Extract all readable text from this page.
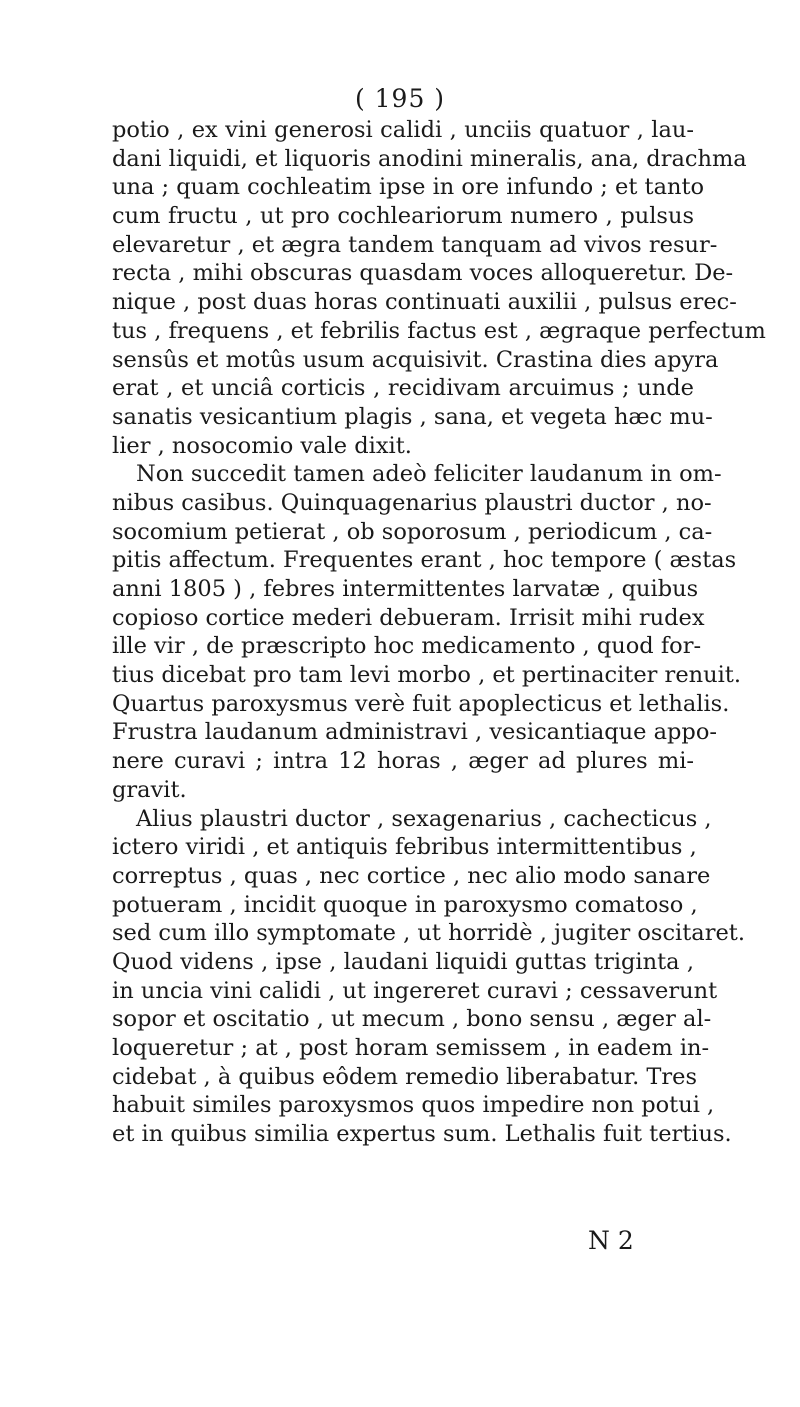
( 195 )
potio , ex vini generosi calidi , unciis quatuor , lau-
dani liquidi, et liquoris anodini mineralis, ana, drachma
una ; quam cochleatim ipse in ore infundo ; et tanto
cum fructu , ut pro cochleariorum numero , pulsus
elevaretur , et ægra tandem tanquam ad vivos resur-
recta , mihi obscuras quasdam voces alloqueretur. De-
nique , post duas horas continuati auxilii , pulsus erec-
tus , frequens , et febrilis factus est , ægraque perfectum
sensûs et motûs usum acquisivit. Crastina dies apyra
erat , et unciâ corticis , recidivam arcuimus ; unde
sanatis vesicantium plagis , sana, et vegeta hæc mu-
lier , nosocomio vale dixit.
Non succedit tamen adeò feliciter laudanum in om-
nibus casibus. Quinquagenarius plaustri ductor , no-
socomium petierat , ob soporosum , periodicum , ca-
pitis affectum. Frequentes erant , hoc tempore ( æstas
anni 1805 ) , febres intermittentes larvatæ , quibus
copioso cortice mederi debueram. Irrisit mihi rudex
ille vir , de præscripto hoc medicamento , quod for-
tius dicebat pro tam levi morbo , et pertinaciter renuit.
Quartus paroxysmus verè fuit apoplecticus et lethalis.
Frustra laudanum administravi , vesicantiaque appo-
nere curavi ; intra 12 horas , æger ad plures mi-
gravit.
Alius plaustri ductor , sexagenarius , cachecticus ,
ictero viridi , et antiquis febribus intermittentibus ,
correptus , quas , nec cortice , nec alio modo sanare
potueram , incidit quoque in paroxysmo comatoso ,
sed cum illo symptomate , ut horridè , jugiter oscitaret.
Quod videns , ipse , laudani liquidi guttas triginta ,
in uncia vini calidi , ut ingereret curavi ; cessaverunt
sopor et oscitatio , ut mecum , bono sensu , æger al-
loqueretur ; at , post horam semissem , in eadem in-
cidebat , à quibus eôdem remedio liberabatur. Tres
habuit similes paroxysmos quos impedire non potui ,
et in quibus similia expertus sum. Lethalis fuit tertius.
N 2
